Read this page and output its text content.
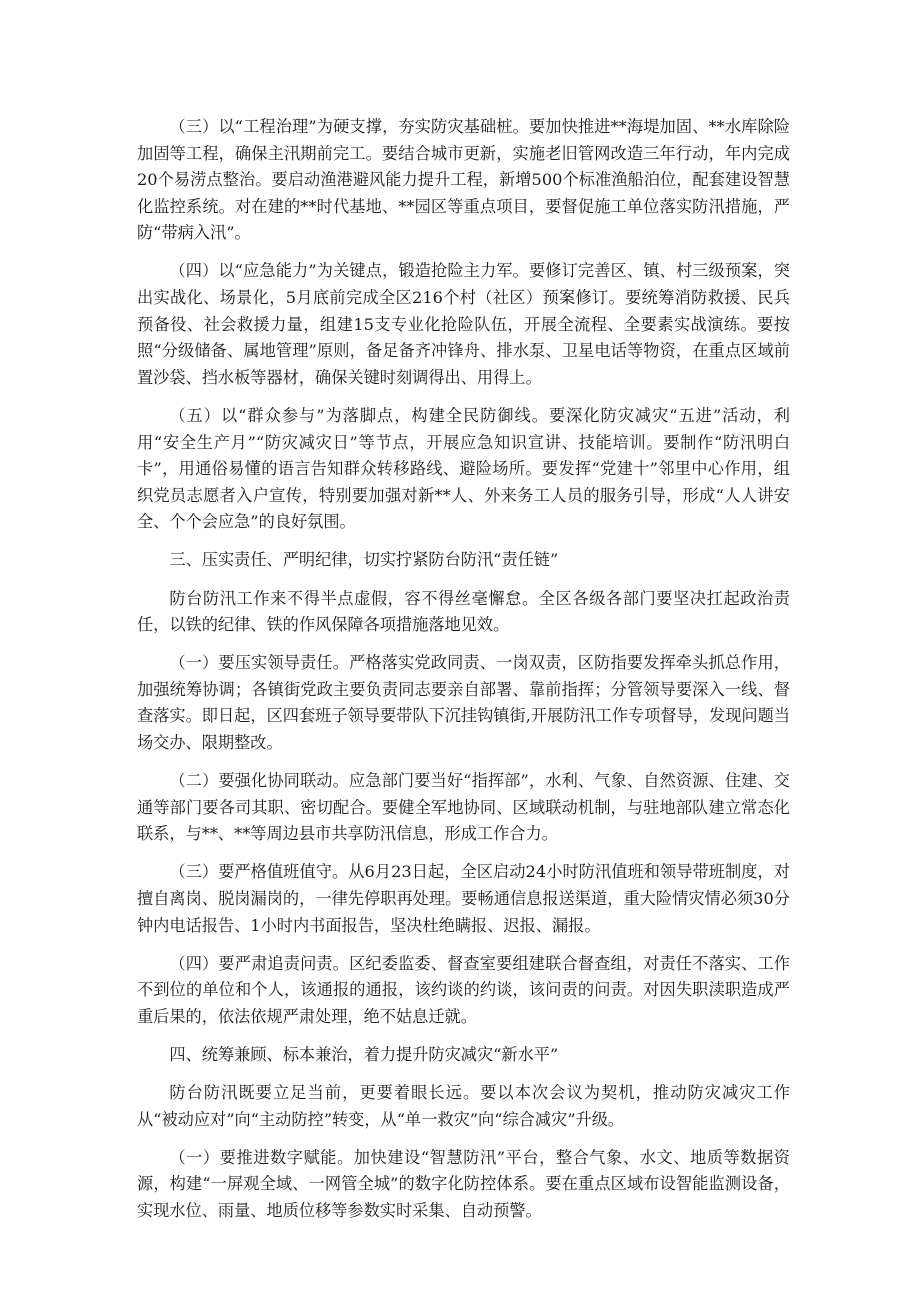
（三）以“工程治理”为硬支撑，夯实防灾基础桩。要加快推进**海堤加固、**水库除险加固等工程，确保主汛期前完工。要结合城市更新，实施老旧管网改造三年行动，年内完成20个易涝点整治。要启动渔港避风能力提升工程，新增500个标准渔船泊位，配套建设智慧化监控系统。对在建的**时代基地、**园区等重点项目，要督促施工单位落实防汛措施，严防“带病入汛”。

（四）以“应急能力”为关键点，锻造抢险主力军。要修订完善区、镇、村三级预案，突出实战化、场景化，5月底前完成全区216个村（社区）预案修订。要统筹消防救援、民兵预备役、社会救援力量，组建15支专业化抢险队伍，开展全流程、全要素实战演练。要按照“分级储备、属地管理”原则，备足备齐冲锋舟、排水泵、卫星电话等物资，在重点区域前置沙袋、挡水板等器材，确保关键时刻调得出、用得上。

（五）以“群众参与”为落脚点，构建全民防御线。要深化防灾减灾“五进”活动，利用“安全生产月”“防灾减灾日”等节点，开展应急知识宣讲、技能培训。要制作“防汛明白卡”，用通俗易懂的语言告知群众转移路线、避险场所。要发挥“党建十”邻里中心作用，组织党员志愿者入户宣传，特别要加强对新**人、外来务工人员的服务引导，形成“人人讲安全、个个会应急”的良好氛围。

三、压实责任、严明纪律，切实拧紧防台防汛“责任链”

防台防汛工作来不得半点虚假，容不得丝毫懈怠。全区各级各部门要坚决扛起政治责任，以铁的纪律、铁的作风保障各项措施落地见效。

（一）要压实领导责任。严格落实党政同责、一岗双责，区防指要发挥牵头抓总作用，加强统筹协调；各镇街党政主要负责同志要亲自部署、靠前指挥；分管领导要深入一线、督查落实。即日起，区四套班子领导要带队下沉挂钩镇街,开展防汛工作专项督导，发现问题当场交办、限期整改。

（二）要强化协同联动。应急部门要当好“指挥部”，水利、气象、自然资源、住建、交通等部门要各司其职、密切配合。要健全军地协同、区域联动机制，与驻地部队建立常态化联系，与**、**等周边县市共享防汛信息，形成工作合力。

（三）要严格值班值守。从6月23日起，全区启动24小时防汛值班和领导带班制度，对擅自离岗、脱岗漏岗的，一律先停职再处理。要畅通信息报送渠道，重大险情灾情必须30分钟内电话报告、1小时内书面报告，坚决杜绝瞒报、迟报、漏报。

（四）要严肃追责问责。区纪委监委、督查室要组建联合督查组，对责任不落实、工作不到位的单位和个人，该通报的通报，该约谈的约谈，该问责的问责。对因失职渎职造成严重后果的，依法依规严肃处理，绝不姑息迁就。

四、统筹兼顾、标本兼治，着力提升防灾减灾“新水平”

防台防汛既要立足当前，更要着眼长远。要以本次会议为契机，推动防灾减灾工作从“被动应对”向“主动防控”转变，从“单一救灾”向“综合减灾”升级。

（一）要推进数字赋能。加快建设“智慧防汛”平台，整合气象、水文、地质等数据资源，构建“一屏观全域、一网管全城”的数字化防控体系。要在重点区域布设智能监测设备，实现水位、雨量、地质位移等参数实时采集、自动预警。
